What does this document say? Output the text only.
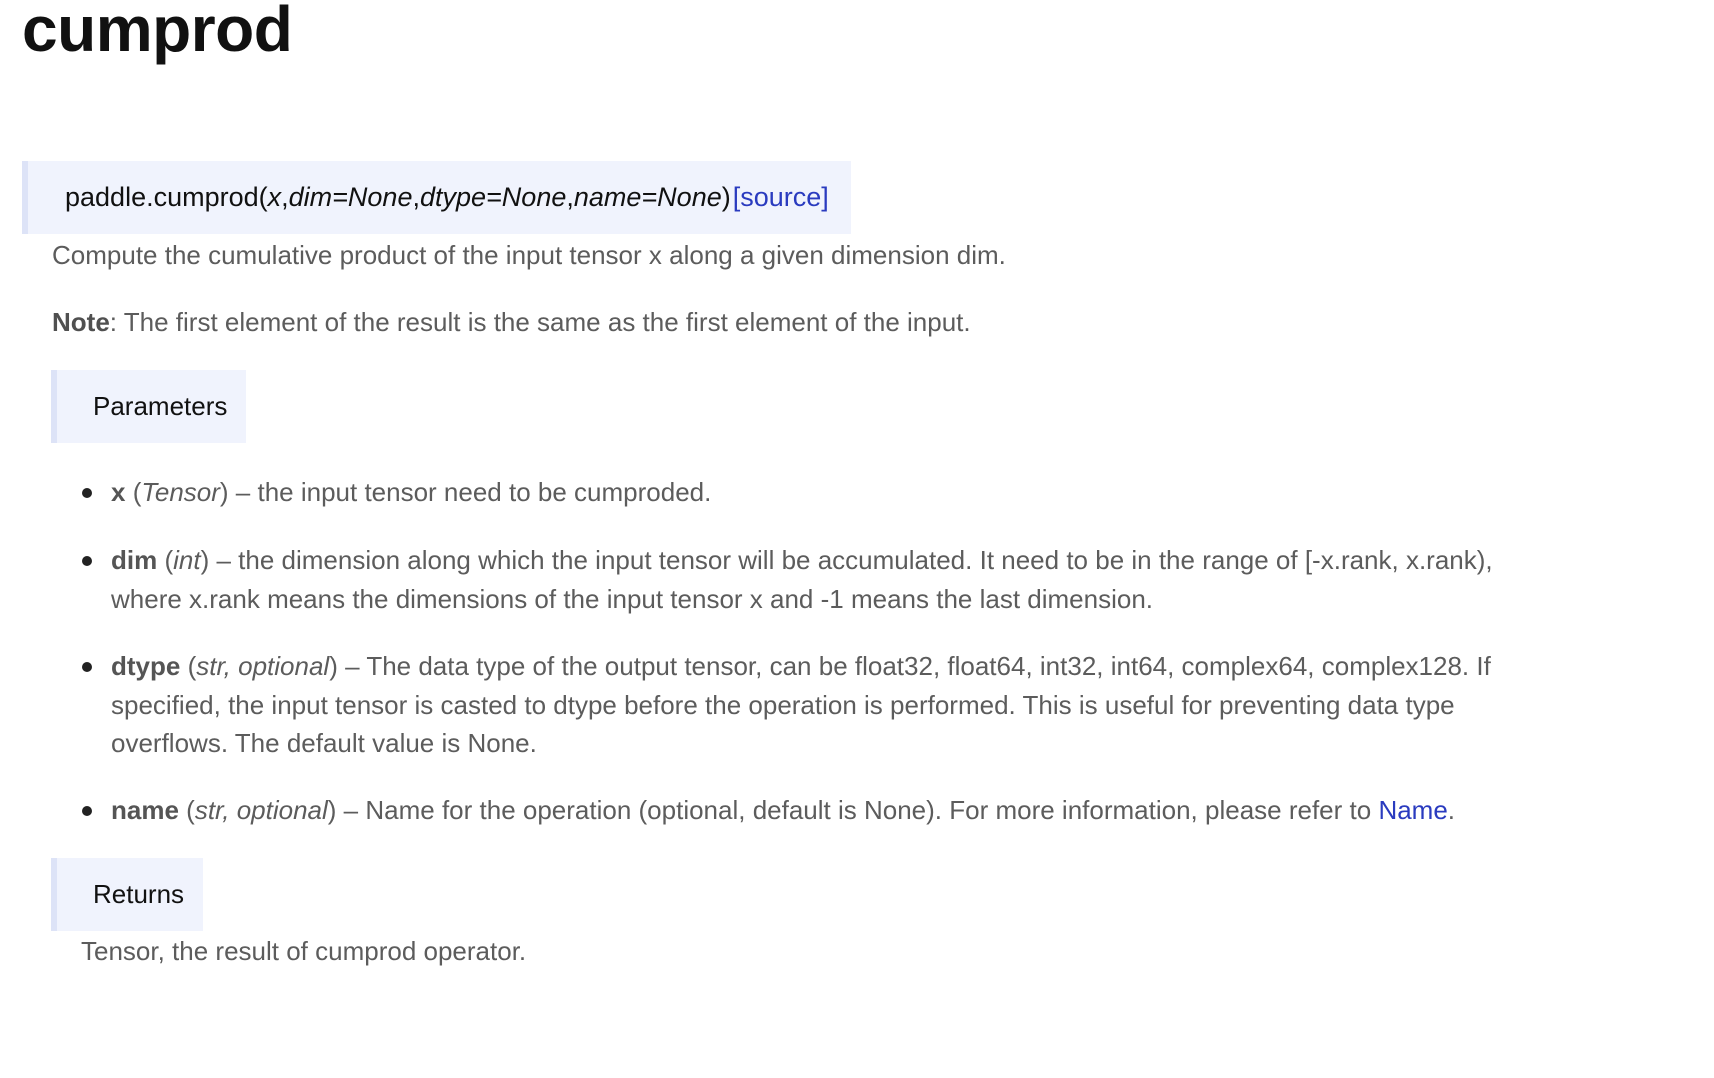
cumprod
paddle.cumprod( x , dim=None , dtype=None , name=None ) [source]

Compute the cumulative product of the input tensor x along a given dimension dim.

Note: The first element of the result is the same as the first element of the input.

Parameters
x (Tensor) – the input tensor need to be cumproded.
dim (int) – the dimension along which the input tensor will be accumulated. It need to be in the range of [-x.rank, x.rank), where x.rank means the dimensions of the input tensor x and -1 means the last dimension.
dtype (str, optional) – The data type of the output tensor, can be float32, float64, int32, int64, complex64, complex128. If specified, the input tensor is casted to dtype before the operation is performed. This is useful for preventing data type overflows. The default value is None.
name (str, optional) – Name for the operation (optional, default is None). For more information, please refer to Name.
Returns

Tensor, the result of cumprod operator.
